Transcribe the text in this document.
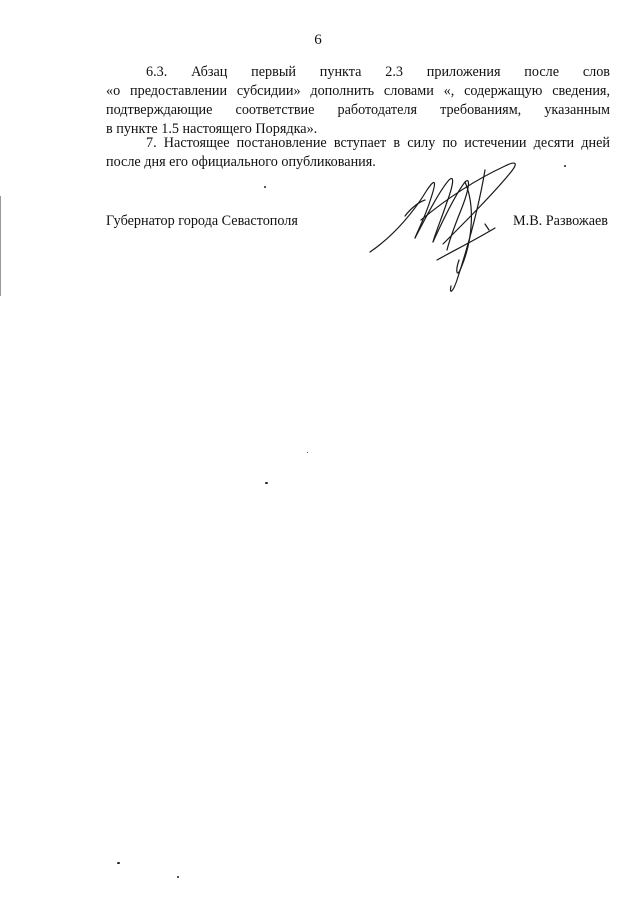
6
6.3. Абзац первый пункта 2.3 приложения после слов
«о предоставлении субсидии» дополнить словами «, содержащую сведения,
подтверждающие соответствие работодателя требованиям, указанным
в пункте 1.5 настоящего Порядка».
7. Настоящее постановление вступает в силу по истечении десяти дней
после дня его официального опубликования.
Губернатор города Севастополя	М.В. Развожаев
